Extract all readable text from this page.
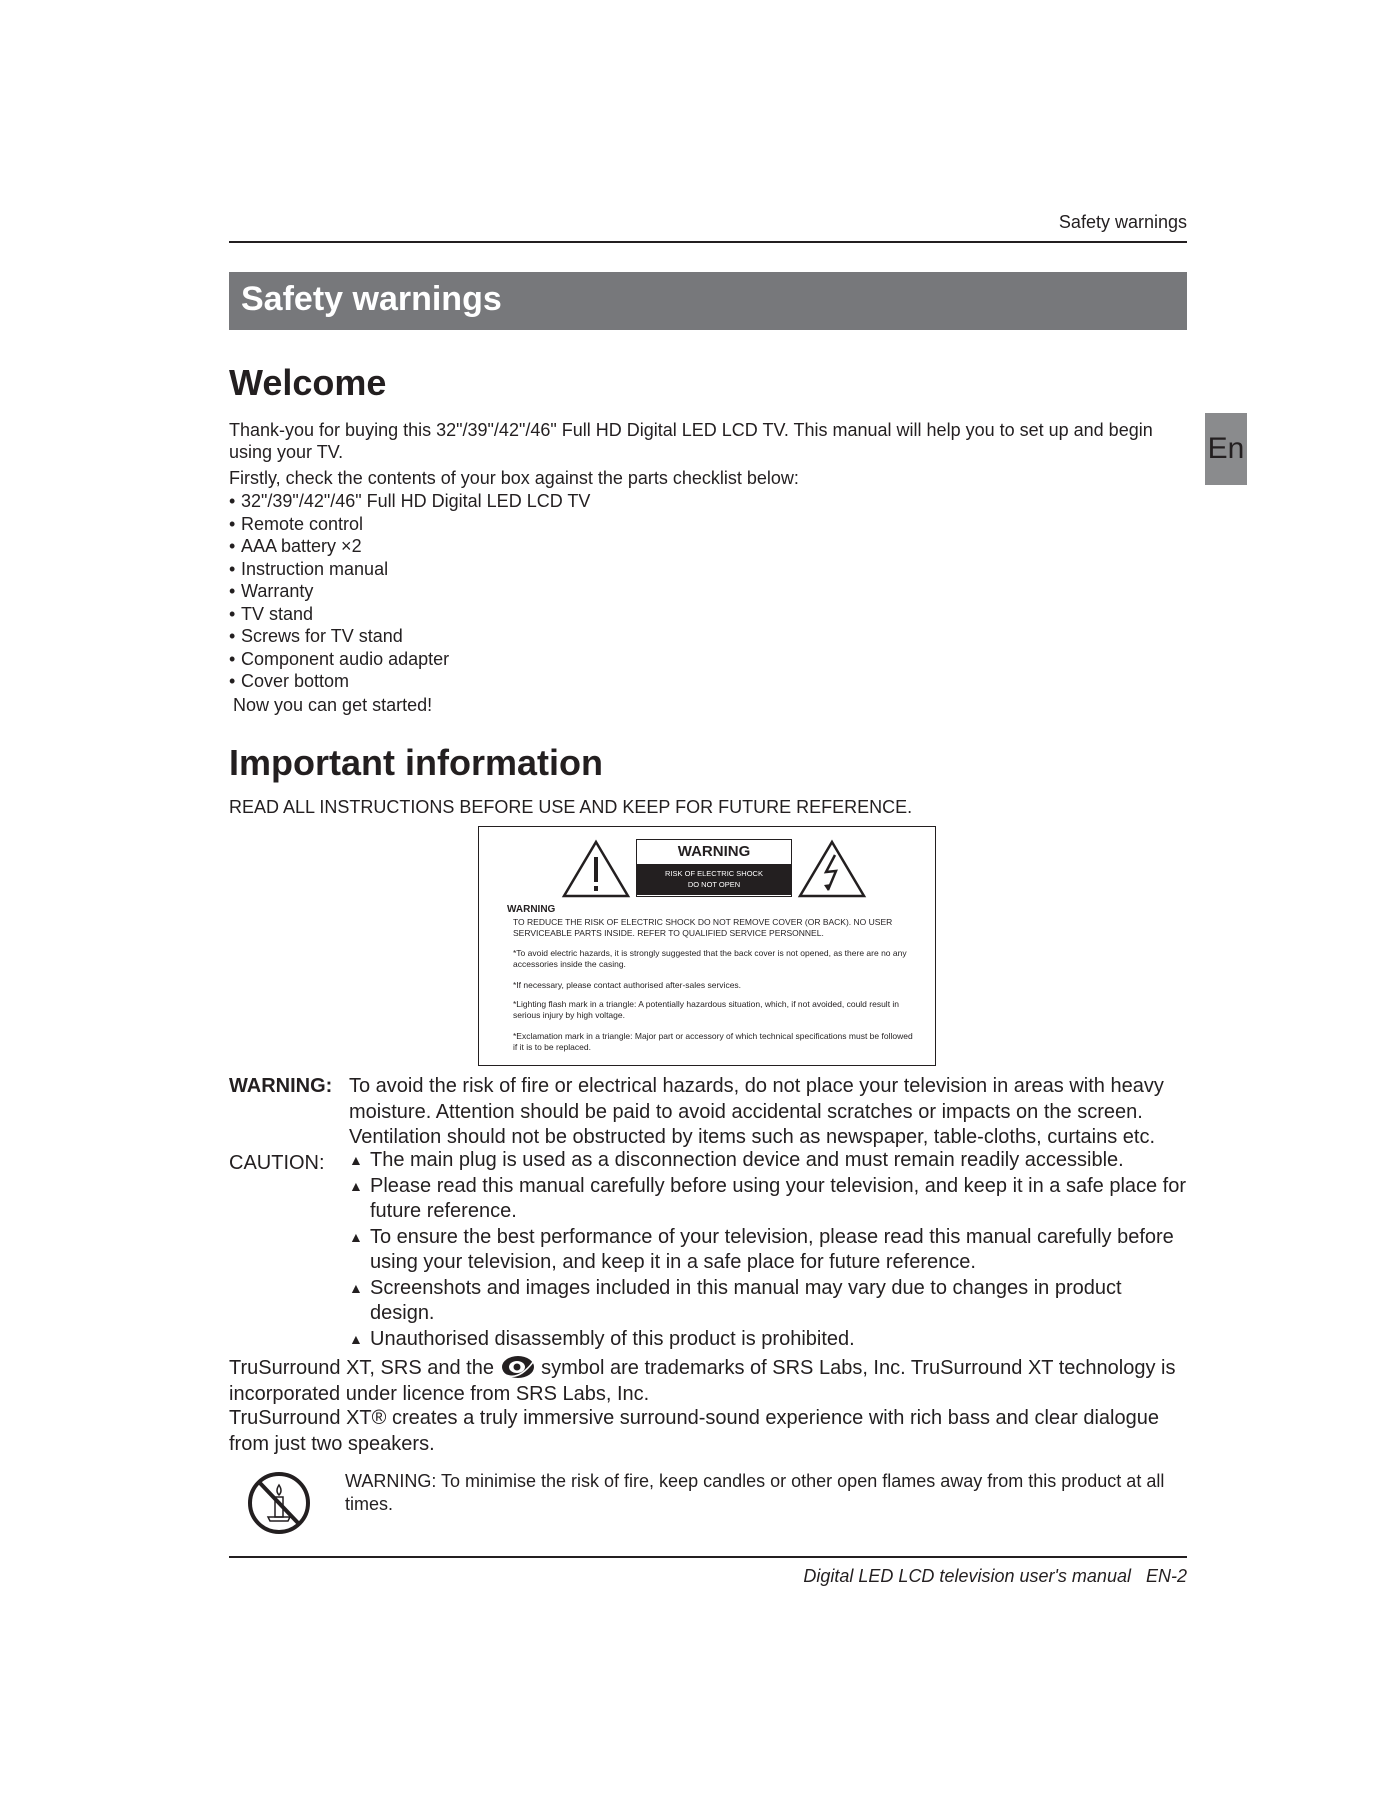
Safety warnings
Safety warnings
En
Welcome

Thank-you for buying this 32"/39"/42"/46" Full HD Digital LED LCD TV. This manual will help you to set up and begin using your TV.

Firstly, check the contents of your box against the parts checklist below:

• 32"/39"/42"/46" Full HD Digital LED LCD TV
• Remote control
• AAA battery ×2
• Instruction manual
• Warranty
• TV stand
• Screws for TV stand
• Component audio adapter
• Cover bottom

Now you can get started!

Important information

READ ALL INSTRUCTIONS BEFORE USE AND KEEP FOR FUTURE REFERENCE.

WARNING
RISK OF ELECTRIC SHOCK
DO NOT OPEN
WARNING

TO REDUCE THE RISK OF ELECTRIC SHOCK DO NOT REMOVE COVER (OR BACK). NO USER SERVICEABLE PARTS INSIDE. REFER TO QUALIFIED SERVICE PERSONNEL.

*To avoid electric hazards, it is strongly suggested that the back cover is not opened, as there are no any accessories inside the casing.

*If necessary, please contact authorised after-sales services.

*Lighting flash mark in a triangle: A potentially hazardous situation, which, if not avoided, could result in serious injury by high voltage.

*Exclamation mark in a triangle: Major part or accessory of which technical specifications must be followed if it is to be replaced.

WARNING: To avoid the risk of fire or electrical hazards, do not place your television in areas with heavy moisture. Attention should be paid to avoid accidental scratches or impacts on the screen. Ventilation should not be obstructed by items such as newspaper, table-cloths, curtains etc.

CAUTION:
▲	The main plug is used as a disconnection device and must remain readily accessible.
▲ Please read this manual carefully before using your television, and keep it in a safe place for future reference.
▲ To ensure the best performance of your television, please read this manual carefully before using your television, and keep it in a safe place for future reference.
▲ Screenshots and images included in this manual may vary due to changes in product design.
▲ Unauthorised disassembly of this product is prohibited.

TruSurround XT, SRS and the symbol are trademarks of SRS Labs, Inc. TruSurround XT technology is incorporated under licence from SRS Labs, Inc.

TruSurround XT® creates a truly immersive surround-sound experience with rich bass and clear dialogue from just two speakers.

WARNING: To minimise the risk of fire, keep candles or other open flames away from this product at all times.

Digital LED LCD television user's manual EN-2
